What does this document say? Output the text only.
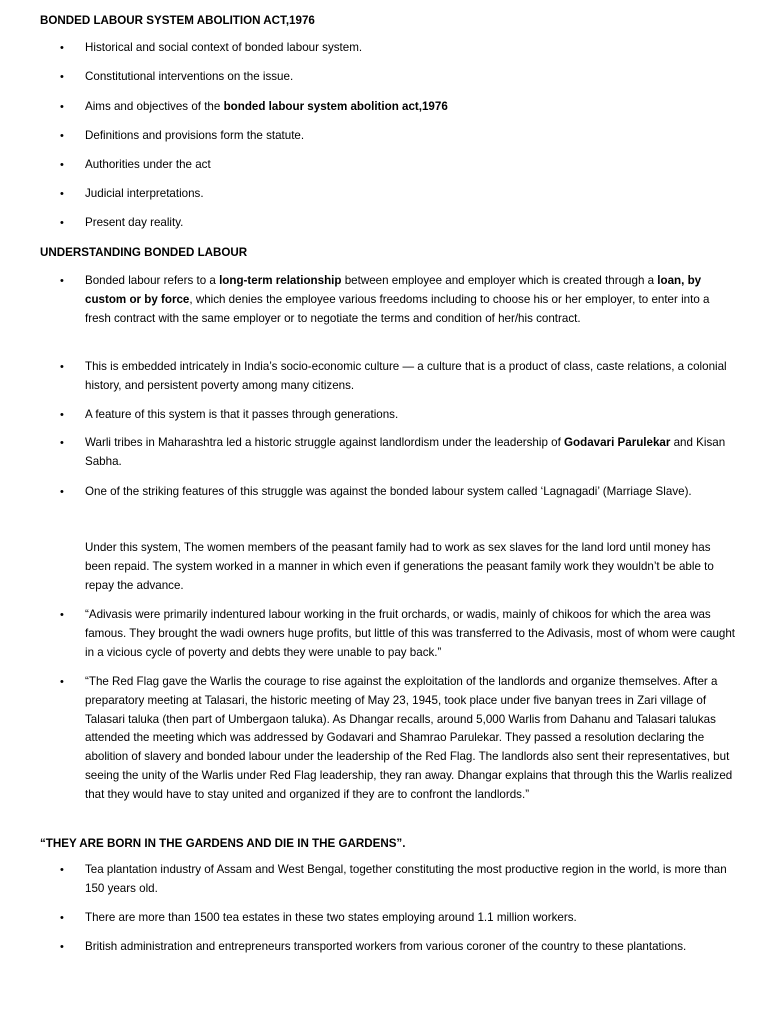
BONDED LABOUR SYSTEM ABOLITION ACT,1976
• Historical and social context of bonded labour system.
• Constitutional interventions on the issue.
• Aims and objectives of the bonded labour system abolition act,1976
• Definitions and provisions form the statute.
• Authorities under the act
• Judicial interpretations.
• Present day reality.
UNDERSTANDING BONDED LABOUR
• Bonded labour refers to a long-term relationship between employee and employer which is created through a loan, by custom or by force, which denies the employee various freedoms including to choose his or her employer, to enter into a fresh contract with the same employer or to negotiate the terms and condition of her/his contract.
• This is embedded intricately in India’s socio-economic culture — a culture that is a product of class, caste relations, a colonial history, and persistent poverty among many citizens.
• A feature of this system is that it passes through generations.
• Warli tribes in Maharashtra led a historic struggle against landlordism under the leadership of Godavari Parulekar and Kisan Sabha.
• One of the striking features of this struggle was against the bonded labour system called ‘Lagnagadi’ (Marriage Slave).
Under this system, The women members of the peasant family had to work as sex slaves for the land lord until money has been repaid. The system worked in a manner in which even if generations the peasant family work they wouldn’t be able to repay the advance.
• “Adivasis were primarily indentured labour working in the fruit orchards, or wadis, mainly of chikoos for which the area was famous. They brought the wadi owners huge profits, but little of this was transferred to the Adivasis, most of whom were caught in a vicious cycle of poverty and debts they were unable to pay back.”
• “The Red Flag gave the Warlis the courage to rise against the exploitation of the landlords and organize themselves. After a preparatory meeting at Talasari, the historic meeting of May 23, 1945, took place under five banyan trees in Zari village of Talasari taluka (then part of Umbergaon taluka). As Dhangar recalls, around 5,000 Warlis from Dahanu and Talasari talukas attended the meeting which was addressed by Godavari and Shamrao Parulekar. They passed a resolution declaring the abolition of slavery and bonded labour under the leadership of the Red Flag. The landlords also sent their representatives, but seeing the unity of the Warlis under Red Flag leadership, they ran away. Dhangar explains that through this the Warlis realized that they would have to stay united and organized if they are to confront the landlords.”
“THEY ARE BORN IN THE GARDENS AND DIE IN THE GARDENS”.
• Tea plantation industry of Assam and West Bengal, together constituting the most productive region in the world, is more than 150 years old.
• There are more than 1500 tea estates in these two states employing around 1.1 million workers.
• British administration and entrepreneurs transported workers from various coroner of the country to these plantations.
